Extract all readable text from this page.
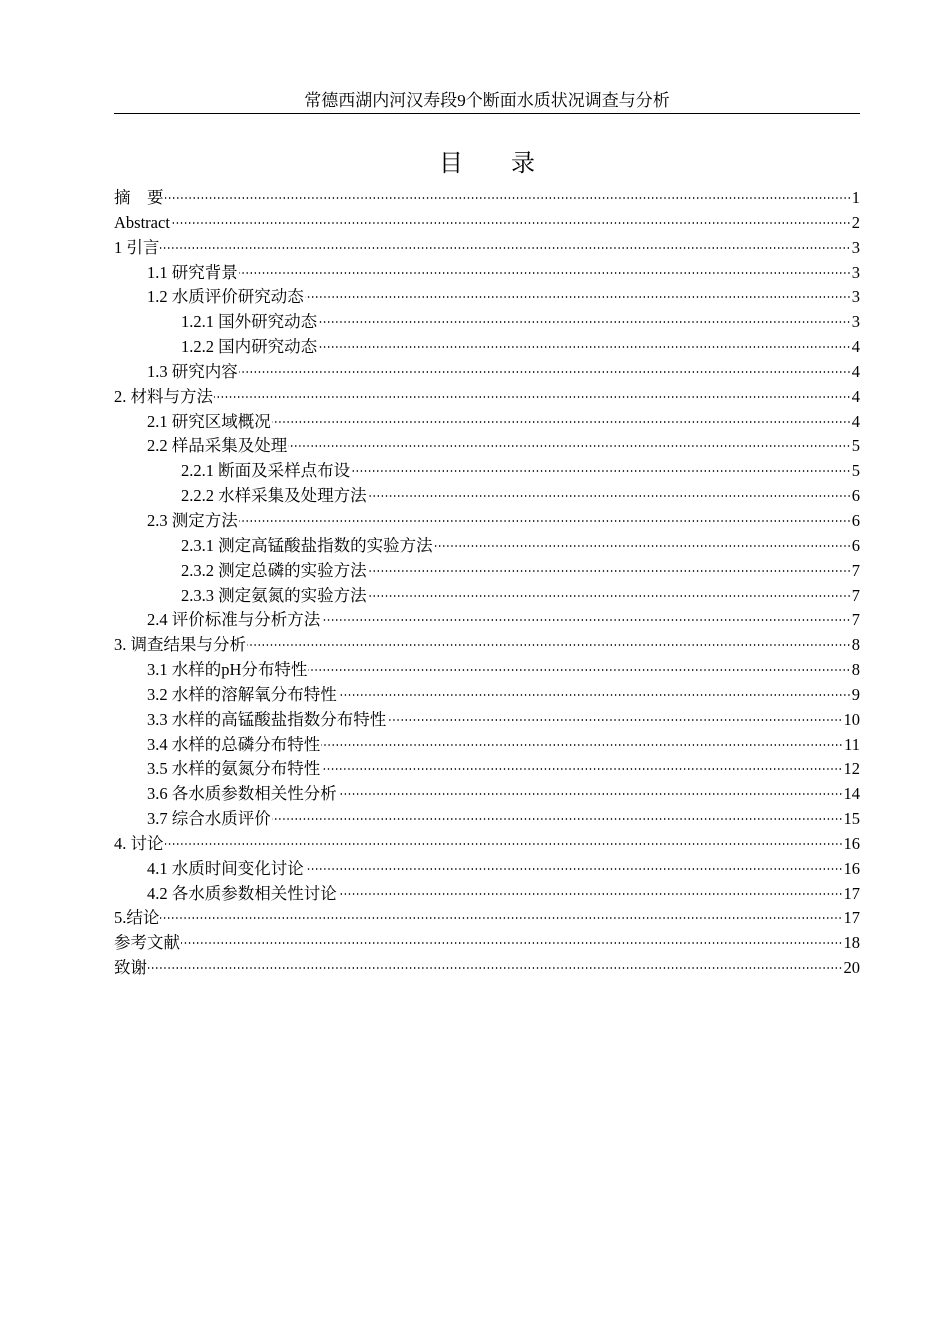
常德西湖内河汉寿段9个断面水质状况调查与分析
目 录
摘　要	1
Abstract	2
1 引言	3
1.1 研究背景	3
1.2 水质评价研究动态	3
1.2.1 国外研究动态	3
1.2.2 国内研究动态	4
1.3 研究内容	4
2. 材料与方法	4
2.1 研究区域概况	4
2.2 样品采集及处理	5
2.2.1 断面及采样点布设	5
2.2.2 水样采集及处理方法	6
2.3 测定方法	6
2.3.1 测定高锰酸盐指数的实验方法	6
2.3.2 测定总磷的实验方法	7
2.3.3 测定氨氮的实验方法	7
2.4 评价标准与分析方法	7
3. 调查结果与分析	8
3.1 水样的pH分布特性	8
3.2 水样的溶解氧分布特性	9
3.3 水样的高锰酸盐指数分布特性	10
3.4 水样的总磷分布特性	11
3.5 水样的氨氮分布特性	12
3.6 各水质参数相关性分析	14
3.7 综合水质评价	15
4. 讨论	16
4.1 水质时间变化讨论	16
4.2 各水质参数相关性讨论	17
5.结论	17
参考文献	18
致谢	20
